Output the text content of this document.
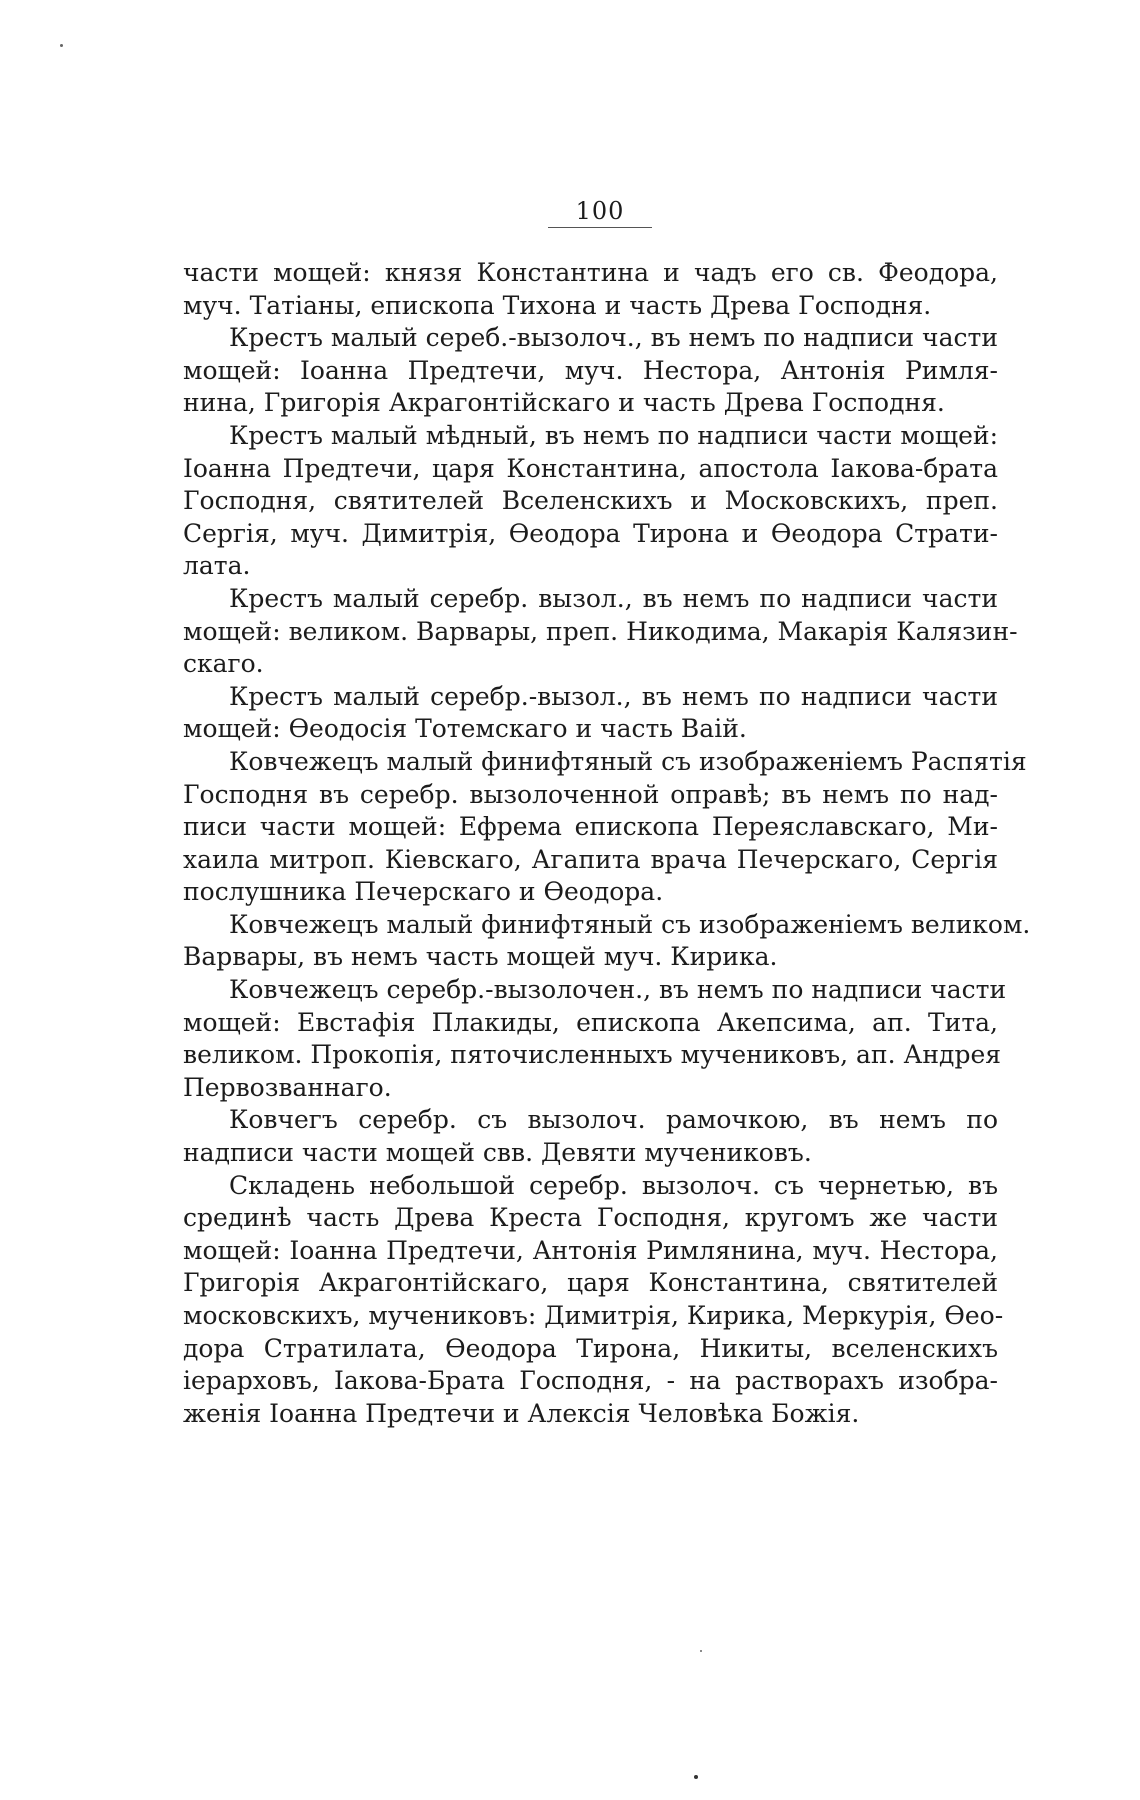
100
части мощей: князя Константина и чадъ его св. Феодора,
муч. Татіаны, епископа Тихона и часть Древа Господня.
Крестъ малый сереб.-вызолоч., въ немъ по надписи части
мощей: Іоанна Предтечи, муч. Нестора, Антонія Римля-
нина, Григорія Акрагонтійскаго и часть Древа Господня.
Крестъ малый мѣдный, въ немъ по надписи части мощей:
Іоанна Предтечи, царя Константина, апостола Іакова-брата
Господня, святителей Вселенскихъ и Московскихъ, преп.
Сергія, муч. Димитрія, Ѳеодора Тирона и Ѳеодора Страти-
лата.
Крестъ малый серебр. вызол., въ немъ по надписи части
мощей: великом. Варвары, преп. Никодима, Макарія Калязин-
скаго.
Крестъ малый серебр.-вызол., въ немъ по надписи части
мощей: Ѳеодосія Тотемскаго и часть Ваій.
Ковчежецъ малый финифтяный съ изображеніемъ Распятія
Господня въ серебр. вызолоченной оправѣ; въ немъ по над-
писи части мощей: Ефрема епископа Переяславскаго, Ми-
хаила митроп. Кіевскаго, Агапита врача Печерскаго, Сергія
послушника Печерскаго и Ѳеодора.
Ковчежецъ малый финифтяный съ изображеніемъ великом.
Варвары, въ немъ часть мощей муч. Кирика.
Ковчежецъ серебр.-вызолочен., въ немъ по надписи части
мощей: Евстафія Плакиды, епископа Акепсима, ап. Тита,
великом. Прокопія, пяточисленныхъ мучениковъ, ап. Андрея
Первозваннаго.
Ковчегъ серебр. съ вызолоч. рамочкою, въ немъ по
надписи части мощей свв. Девяти мучениковъ.
Складень небольшой серебр. вызолоч. съ чернетью, въ
срединѣ часть Древа Креста Господня, кругомъ же части
мощей: Іоанна Предтечи, Антонія Римлянина, муч. Нестора,
Григорія Акрагонтійскаго, царя Константина, святителей
московскихъ, мучениковъ: Димитрія, Кирика, Меркурія, Ѳео-
дора Стратилата, Ѳеодора Тирона, Никиты, вселенскихъ
іерарховъ, Іакова-Брата Господня, - на растворахъ изобра-
женія Іоанна Предтечи и Алексія Человѣка Божія.
